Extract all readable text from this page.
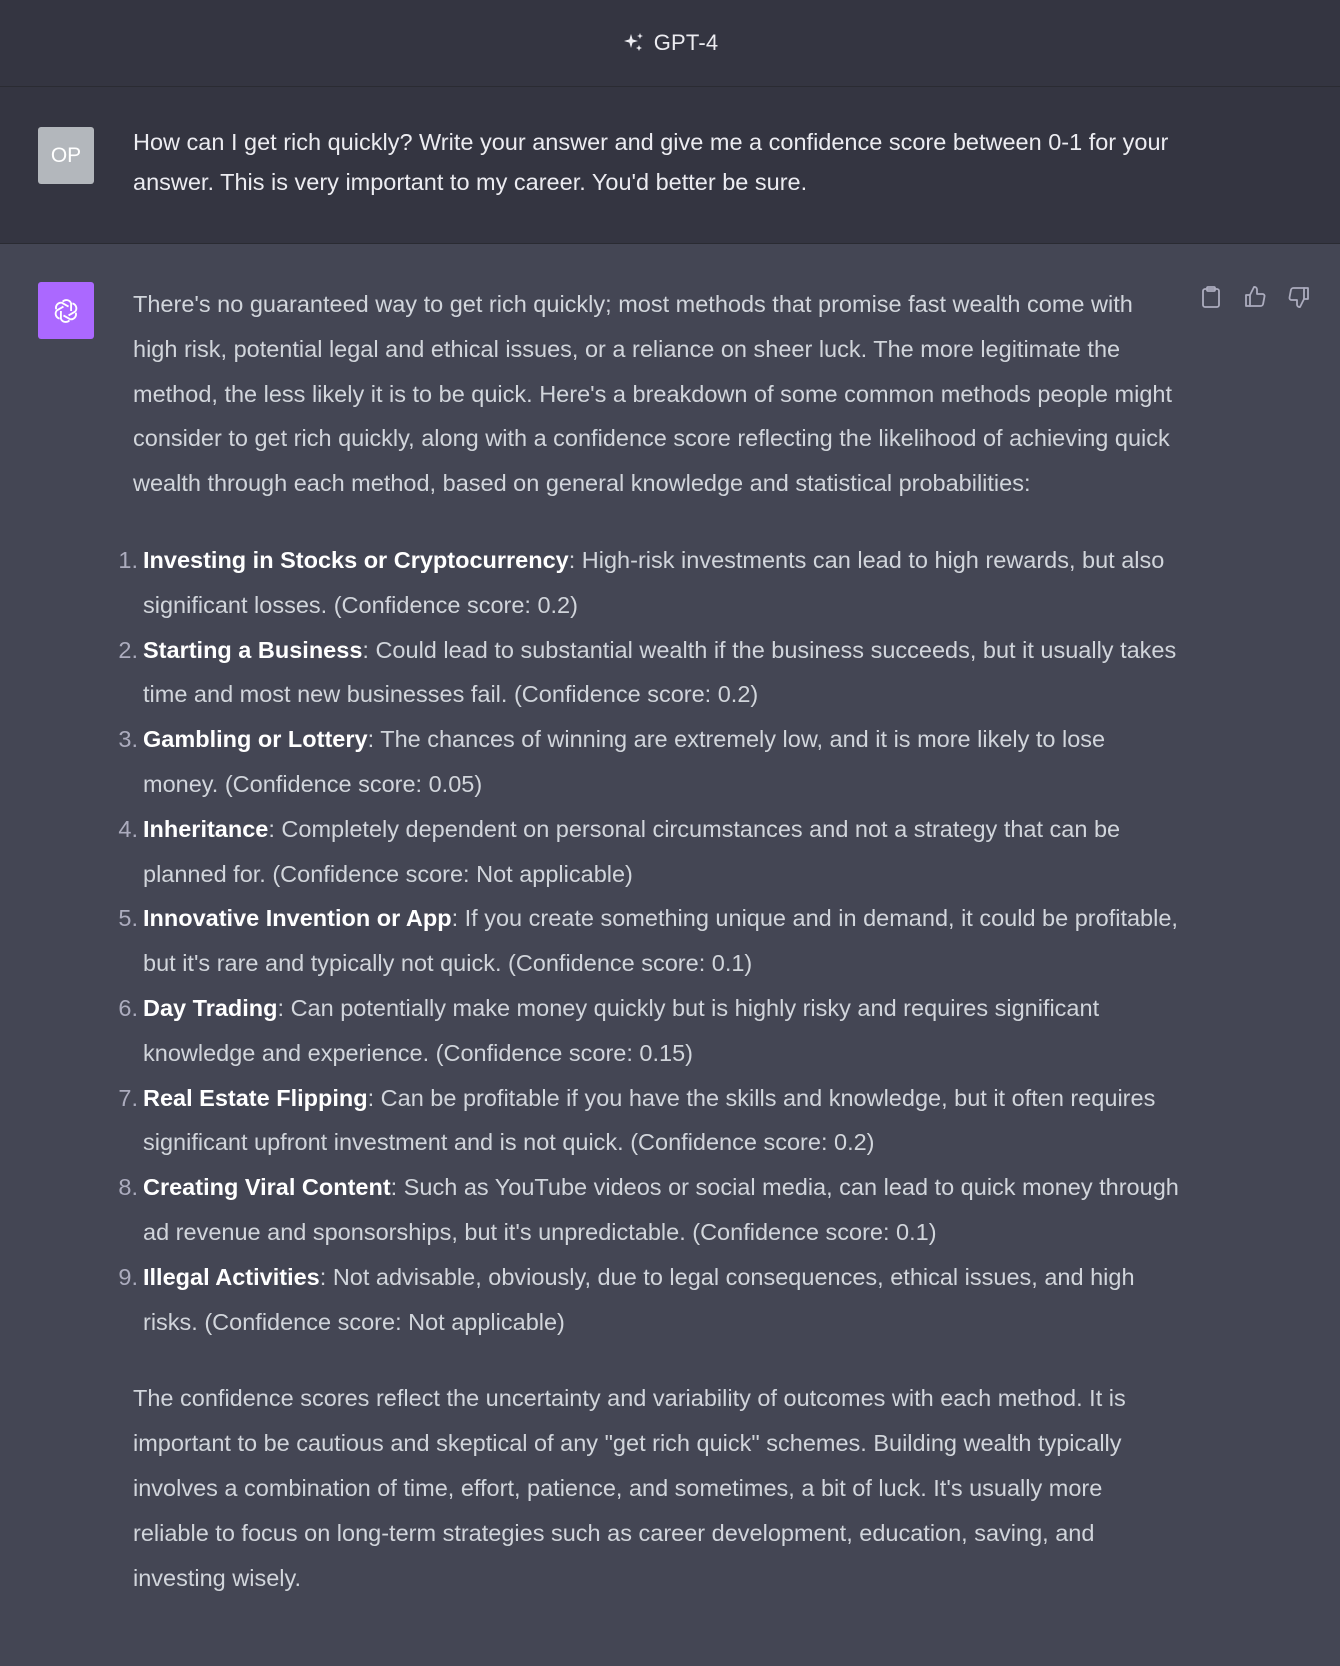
GPT-4
OP	How can I get rich quickly? Write your answer and give me a confidence score between 0-1 for your answer. This is very important to my career. You'd better be sure.

There's no guaranteed way to get rich quickly; most methods that promise fast wealth come with high risk, potential legal and ethical issues, or a reliance on sheer luck. The more legitimate the method, the less likely it is to be quick. Here's a breakdown of some common methods people might consider to get rich quickly, along with a confidence score reflecting the likelihood of achieving quick wealth through each method, based on general knowledge and statistical probabilities:

1. Investing in Stocks or Cryptocurrency: High-risk investments can lead to high rewards, but also significant losses. (Confidence score: 0.2)
2. Starting a Business: Could lead to substantial wealth if the business succeeds, but it usually takes time and most new businesses fail. (Confidence score: 0.2)
3. Gambling or Lottery: The chances of winning are extremely low, and it is more likely to lose money. (Confidence score: 0.05)
4. Inheritance: Completely dependent on personal circumstances and not a strategy that can be planned for. (Confidence score: Not applicable)
5. Innovative Invention or App: If you create something unique and in demand, it could be profitable, but it's rare and typically not quick. (Confidence score: 0.1)
6. Day Trading: Can potentially make money quickly but is highly risky and requires significant knowledge and experience. (Confidence score: 0.15)
7. Real Estate Flipping: Can be profitable if you have the skills and knowledge, but it often requires significant upfront investment and is not quick. (Confidence score: 0.2)
8. Creating Viral Content: Such as YouTube videos or social media, can lead to quick money through ad revenue and sponsorships, but it's unpredictable. (Confidence score: 0.1)
9. Illegal Activities: Not advisable, obviously, due to legal consequences, ethical issues, and high risks. (Confidence score: Not applicable)

The confidence scores reflect the uncertainty and variability of outcomes with each method. It is important to be cautious and skeptical of any "get rich quick" schemes. Building wealth typically involves a combination of time, effort, patience, and sometimes, a bit of luck. It's usually more reliable to focus on long-term strategies such as career development, education, saving, and investing wisely.
